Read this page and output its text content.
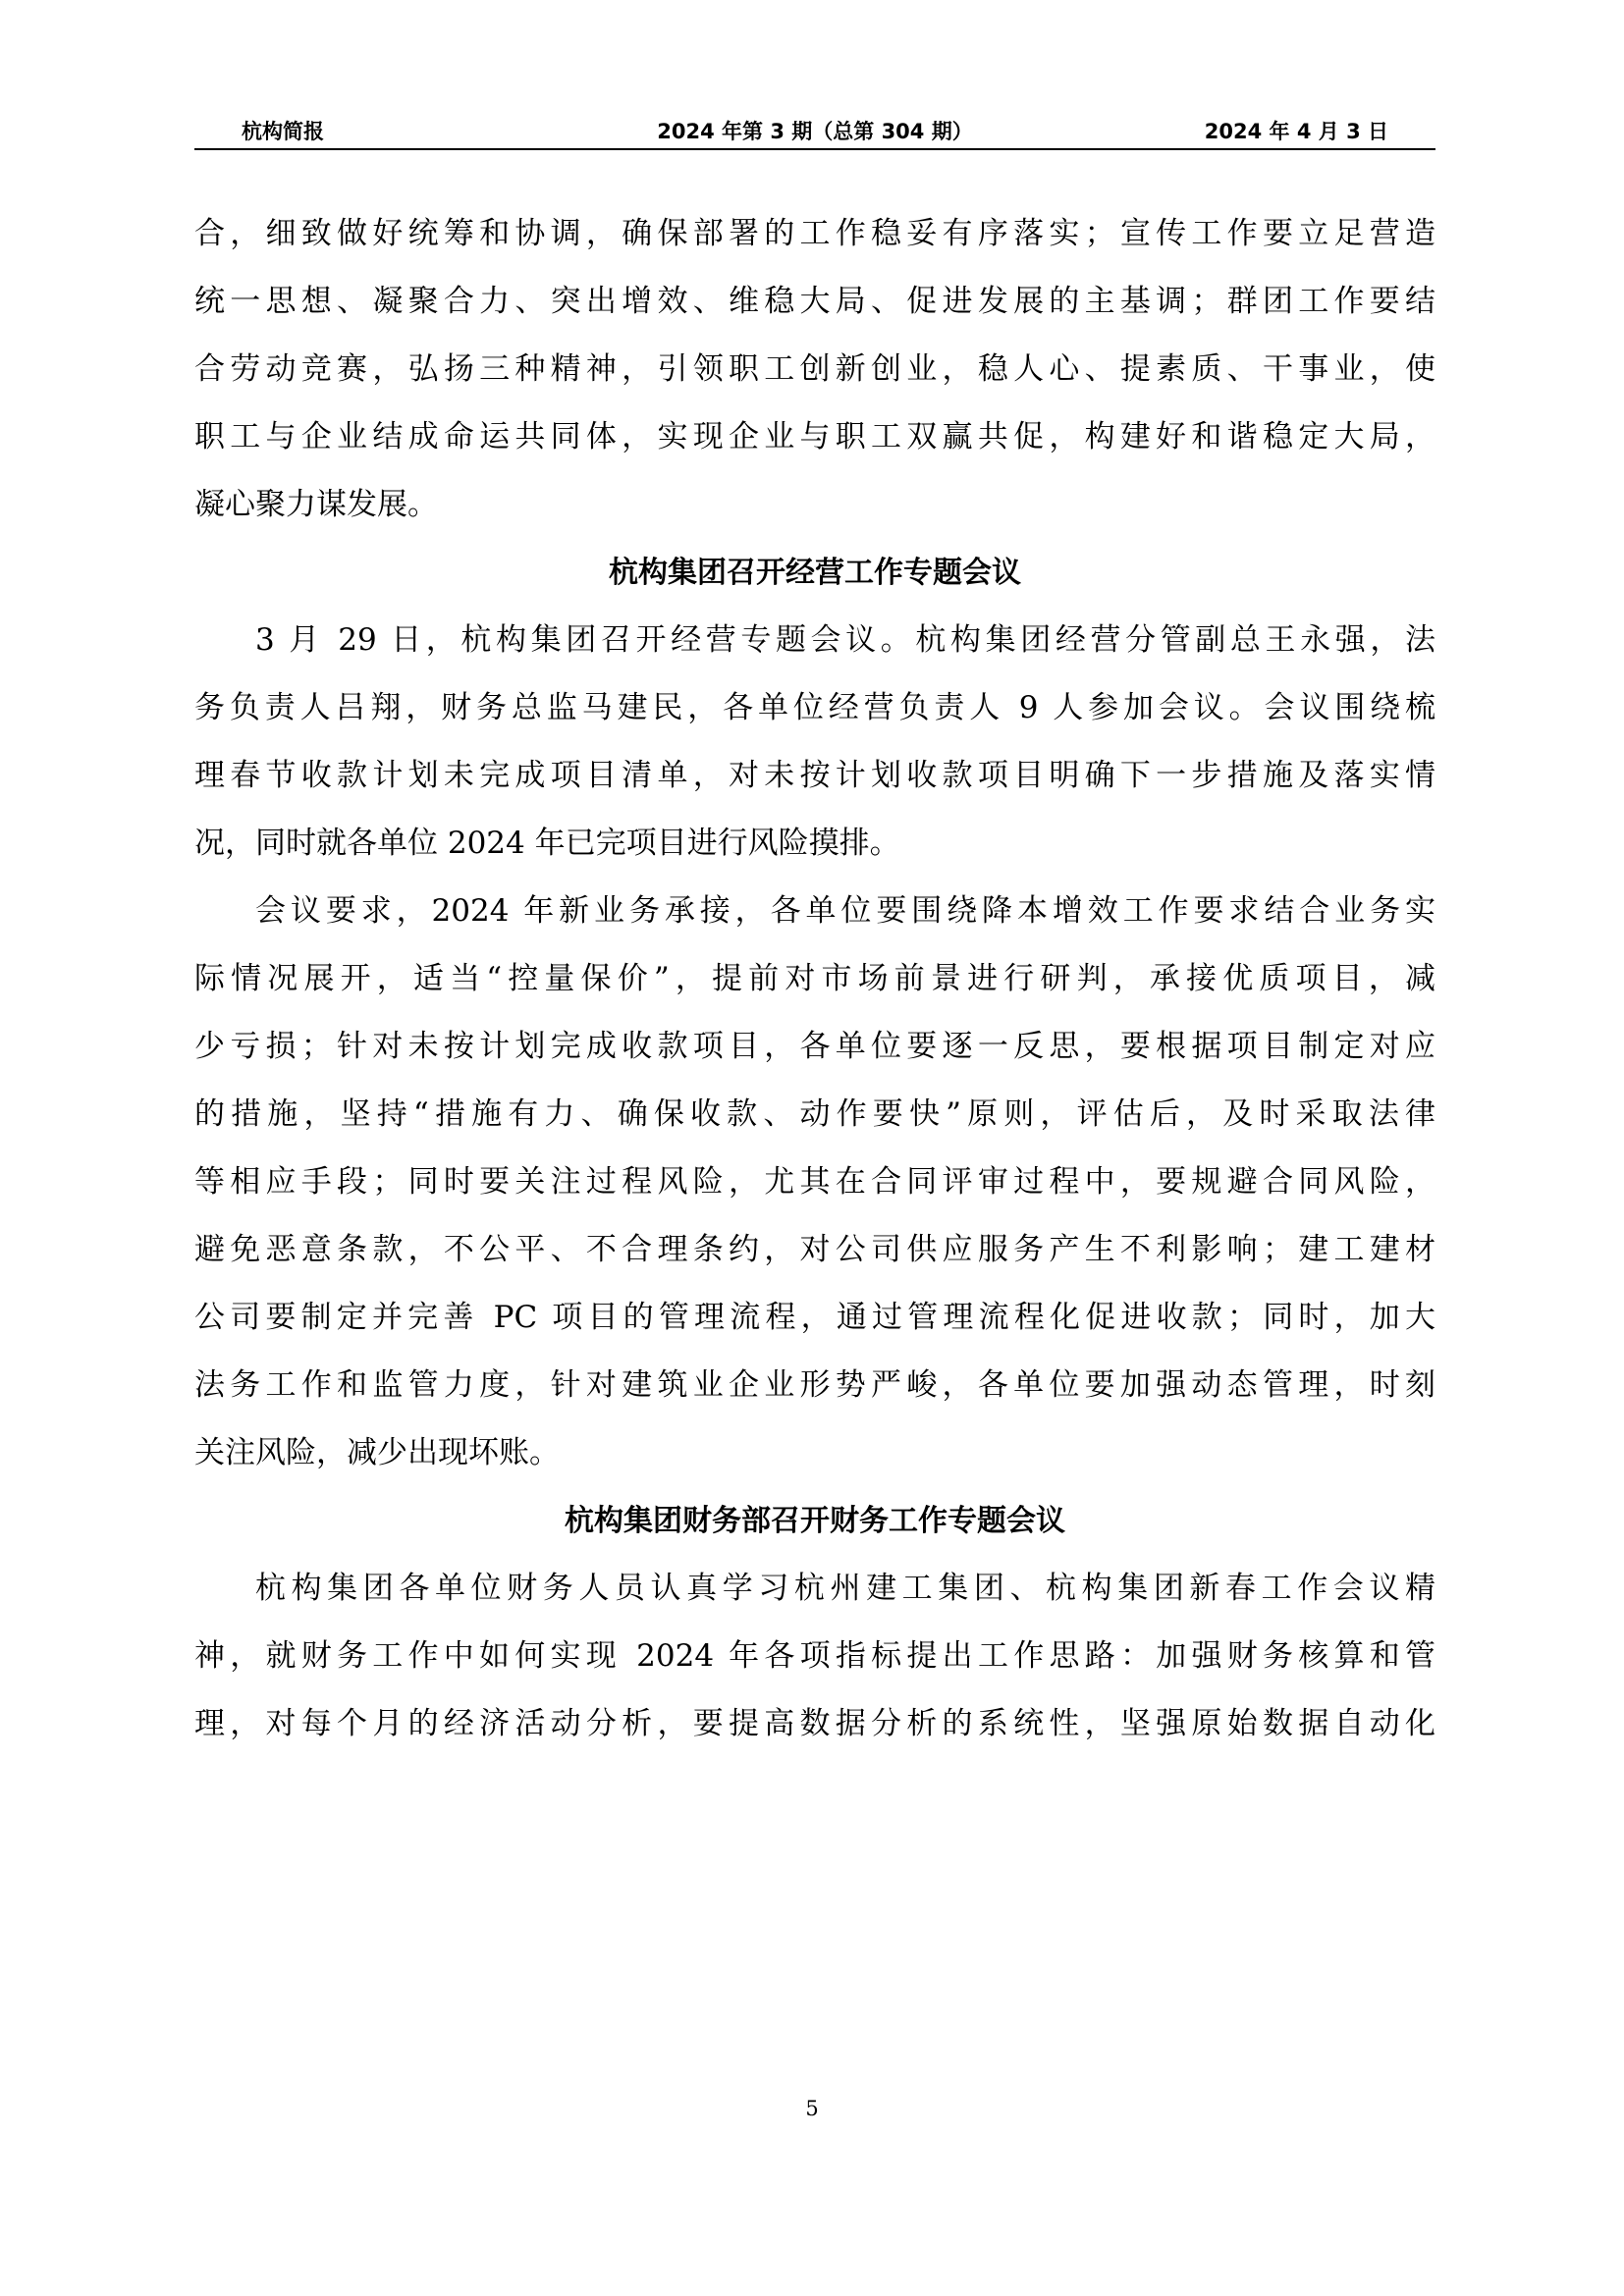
杭构简报	2024 年第 3 期（总第 304 期）	2024 年 4 月 3 日
合，细致做好统筹和协调，确保部署的工作稳妥有序落实；宣传工作要立足营造
统一思想、凝聚合力、突出增效、维稳大局、促进发展的主基调；群团工作要结
合劳动竞赛，弘扬三种精神，引领职工创新创业，稳人心、提素质、干事业，使
职工与企业结成命运共同体，实现企业与职工双赢共促，构建好和谐稳定大局，
凝心聚力谋发展。
杭构集团召开经营工作专题会议
3 月 29 日，杭构集团召开经营专题会议。杭构集团经营分管副总王永强，法
务负责人吕翔，财务总监马建民，各单位经营负责人 9 人参加会议。会议围绕梳
理春节收款计划未完成项目清单，对未按计划收款项目明确下一步措施及落实情
况，同时就各单位 2024 年已完项目进行风险摸排。
会议要求，2024 年新业务承接，各单位要围绕降本增效工作要求结合业务实
际情况展开，适当“控量保价”，提前对市场前景进行研判，承接优质项目，减
少亏损；针对未按计划完成收款项目，各单位要逐一反思，要根据项目制定对应
的措施，坚持“措施有力、确保收款、动作要快”原则，评估后，及时采取法律
等相应手段；同时要关注过程风险，尤其在合同评审过程中，要规避合同风险，
避免恶意条款，不公平、不合理条约，对公司供应服务产生不利影响；建工建材
公司要制定并完善 PC 项目的管理流程，通过管理流程化促进收款；同时，加大
法务工作和监管力度，针对建筑业企业形势严峻，各单位要加强动态管理，时刻
关注风险，减少出现坏账。
杭构集团财务部召开财务工作专题会议
杭构集团各单位财务人员认真学习杭州建工集团、杭构集团新春工作会议精
神，就财务工作中如何实现 2024 年各项指标提出工作思路：加强财务核算和管
理，对每个月的经济活动分析，要提高数据分析的系统性，坚强原始数据自动化
5
